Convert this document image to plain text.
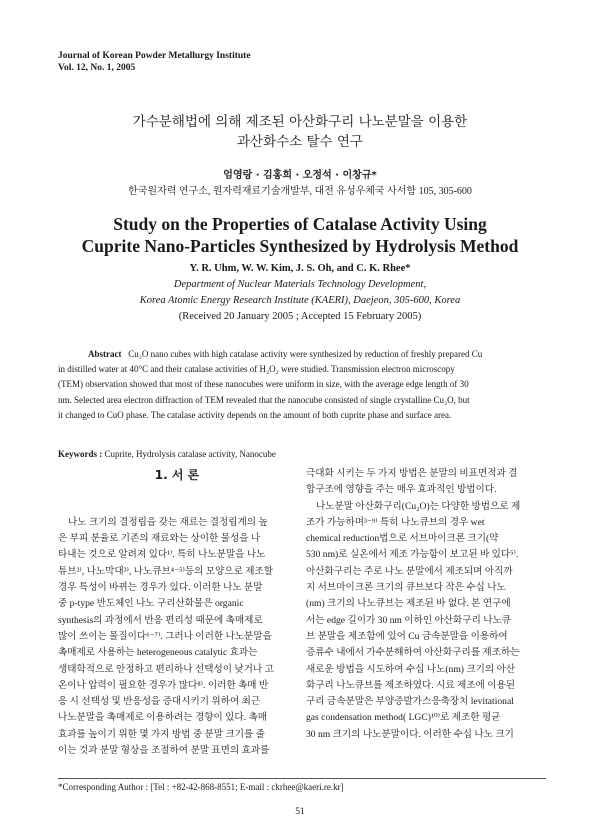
Journal of Korean Powder Metallurgy Institute
Vol. 12, No. 1, 2005
가수분해법에 의해 제조된 아산화구리 나노분말을 이용한
과산화수소 탈수 연구
엄영랑 · 김홍희 · 오정석 · 이창규*
한국원자력 연구소, 원자력재료기술개발부, 대전 유성우체국 사서함 105, 305-600
Study on the Properties of Catalase Activity Using
Cuprite Nano-Particles Synthesized by Hydrolysis Method
Y. R. Uhm, W. W. Kim, J. S. Oh, and C. K. Rhee*
Department of Nuclear Materials Technology Development,
Korea Atomic Energy Research Institute (KAERI), Daejeon, 305-600, Korea
(Received 20 January 2005 ; Accepted 15 February 2005)
Abstract Cu₂O nano cubes with high catalase activity were synthesized by reduction of freshly prepared Cu
in distilled water at 40°C and their catalase activities of H₂O₂ were studied. Transmission electron microscopy
(TEM) observation showed that most of these nanocubes were uniform in size, with the average edge length of 30
nm. Selected area electron diffraction of TEM revealed that the nanocube consisted of single crystalline Cu₂O, but
it changed to CuO phase. The catalase activity depends on the amount of both cuprite phase and surface area.
Keywords : Cuprite, Hydrolysis catalase activity, Nanocube
1. 서 론
나노 크기의 결정립을 갖는 재료는 결정립계의 높
은 부피 분율로 기존의 재료와는 상이한 물성을 나
타내는 것으로 알려져 있다¹⁾. 특히 나노분말을 나노
튜브²⁾, 나노막대³⁾, 나노큐브⁴⁻⁵⁾등의 모양으로 제조할
경우 특성이 바뀌는 경우가 있다. 이러한 나노 분말
중 p-type 반도체인 나노 구리산화물은 organic
synthesis의 과정에서 반응 편리성 때문에 촉매제로
많이 쓰이는 물질이다⁶⁻⁷⁾. 그러나 이러한 나노분말을
촉매제로 사용하는 heterogeneous catalytic 효과는
생태학적으로 안정하고 편리하나 선택성이 낮거나 고
온이나 압력이 필요한 경우가 많다⁸⁾. 이러한 촉매 반
응 시 선택성 및 반응성을 증대시키기 위하여 최근
나노분말을 촉매제로 이용하려는 경향이 있다. 촉매
효과를 높이기 위한 몇 가지 방법 중 분말 크기를 줄
이는 것과 분말 형상을 조절하여 분말 표면의 효과를
극대화 시키는 두 가지 방법은 분말의 비표면적과 결
합구조에 영향을 주는 매우 효과적인 방법이다.
나노분말 아산화구리(Cu₂O)는 다양한 방법으로 제
조가 가능하며³⁻⁹⁾ 특히 나노큐브의 경우 wet
chemical reduction법으로 서브마이크론 크기(약
530 nm)로 실온에서 제조 가능함이 보고된 바 있다⁵⁾.
아산화구리는 주로 나노 분말에서 제조되며 아직까
지 서브마이크론 크기의 큐브보다 작은 수십 나노
(nm) 크기의 나노큐브는 제조된 바 없다. 본 연구에
서는 edge 길이가 30 nm 이하인 아산화구리 나노큐
브 분말을 제조함에 있어 Cu 금속분말을 이용하여
증류수 내에서 가수분해하여 아산화구리를 제조하는
새로운 방법을 시도하여 수십 나노(nm) 크기의 아산
화구리 나노큐브를 제조하였다. 시료 제조에 이용된
구리 금속분말은 부양증발가스응축장치 levitational
gas condensation method( LGC)¹⁰⁾로 제조한 평균
30 nm 크기의 나노분말이다. 이러한 수십 나노 크기
*Corresponding Author : [Tel : +82-42-868-8551; E-mail : ckrhee@kaeri.re.kr]
51
